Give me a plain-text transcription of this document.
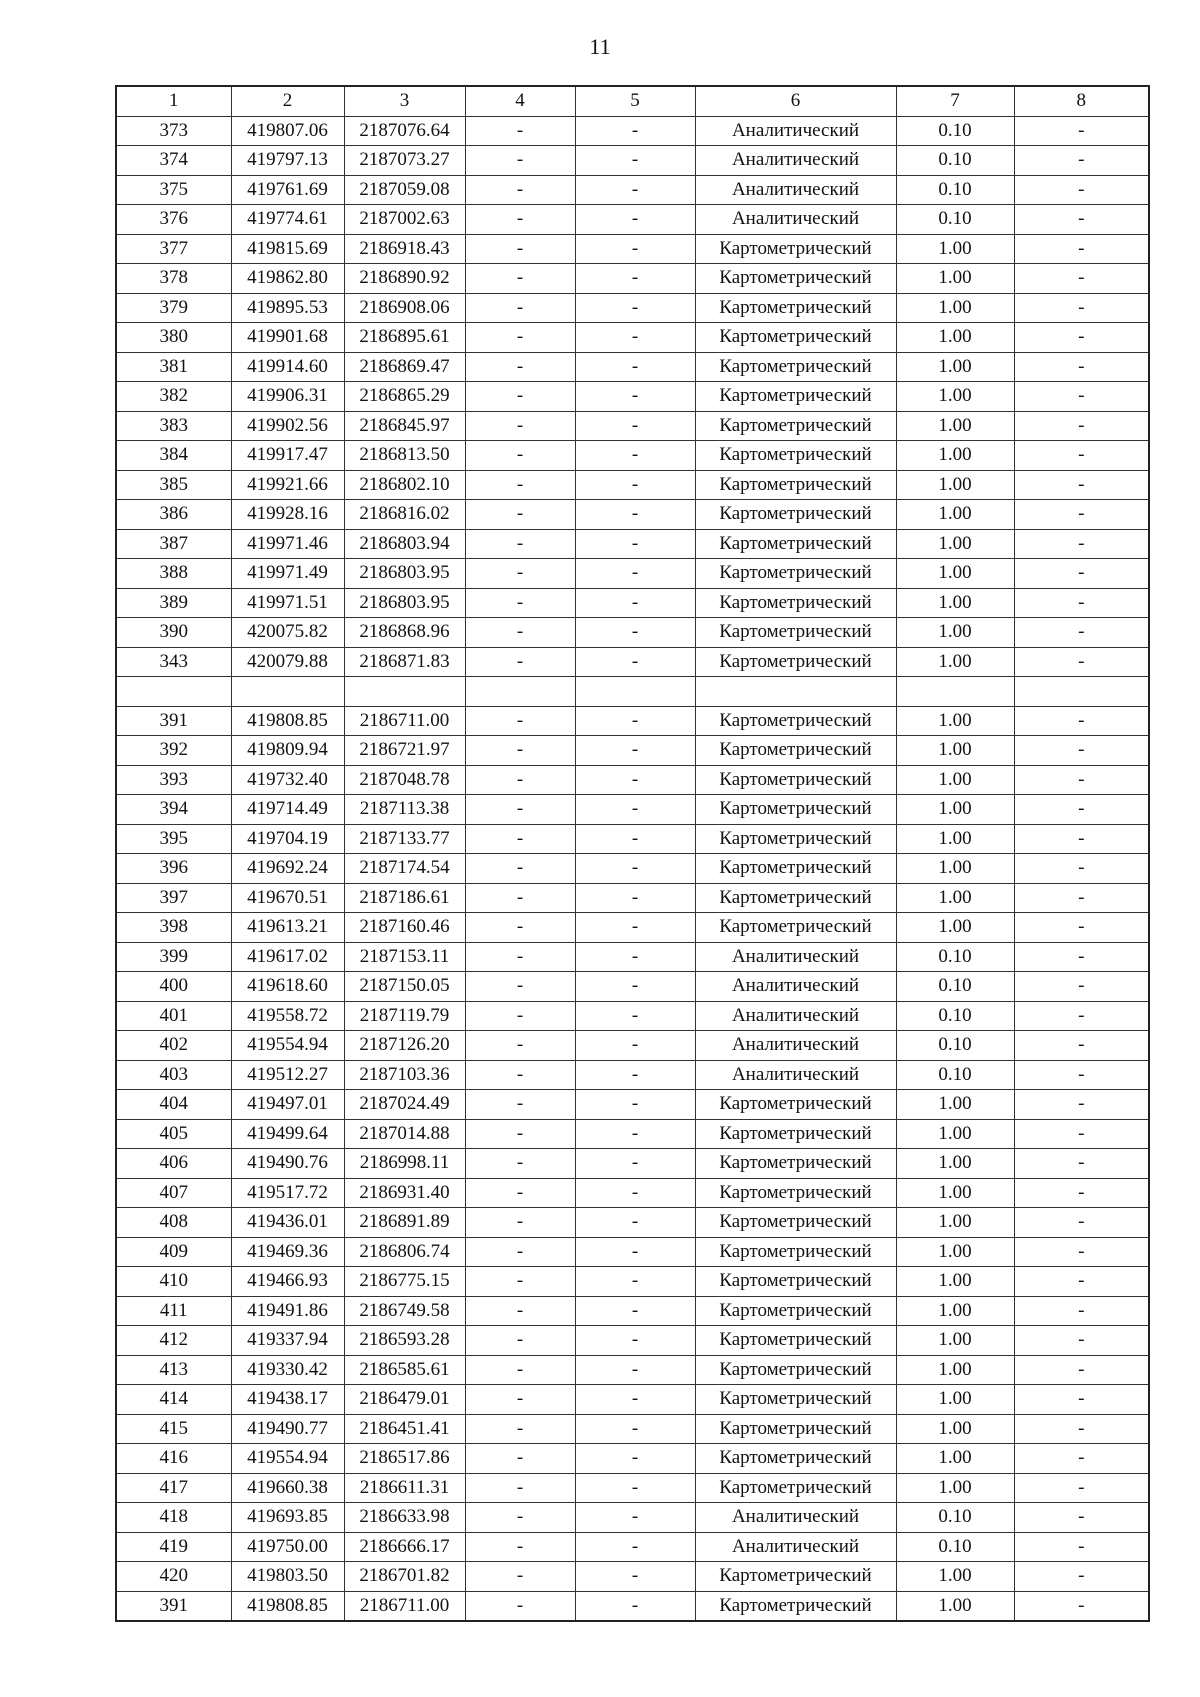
11
1	2	3	4	5	6	7	8
373	419807.06	2187076.64	-	-	Аналитический	0.10	-
374	419797.13	2187073.27	-	-	Аналитический	0.10	-
375	419761.69	2187059.08	-	-	Аналитический	0.10	-
376	419774.61	2187002.63	-	-	Аналитический	0.10	-
377	419815.69	2186918.43	-	-	Картометрический	1.00	-
378	419862.80	2186890.92	-	-	Картометрический	1.00	-
379	419895.53	2186908.06	-	-	Картометрический	1.00	-
380	419901.68	2186895.61	-	-	Картометрический	1.00	-
381	419914.60	2186869.47	-	-	Картометрический	1.00	-
382	419906.31	2186865.29	-	-	Картометрический	1.00	-
383	419902.56	2186845.97	-	-	Картометрический	1.00	-
384	419917.47	2186813.50	-	-	Картометрический	1.00	-
385	419921.66	2186802.10	-	-	Картометрический	1.00	-
386	419928.16	2186816.02	-	-	Картометрический	1.00	-
387	419971.46	2186803.94	-	-	Картометрический	1.00	-
388	419971.49	2186803.95	-	-	Картометрический	1.00	-
389	419971.51	2186803.95	-	-	Картометрический	1.00	-
390	420075.82	2186868.96	-	-	Картометрический	1.00	-
343	420079.88	2186871.83	-	-	Картометрический	1.00	-

391	419808.85	2186711.00	-	-	Картометрический	1.00	-
392	419809.94	2186721.97	-	-	Картометрический	1.00	-
393	419732.40	2187048.78	-	-	Картометрический	1.00	-
394	419714.49	2187113.38	-	-	Картометрический	1.00	-
395	419704.19	2187133.77	-	-	Картометрический	1.00	-
396	419692.24	2187174.54	-	-	Картометрический	1.00	-
397	419670.51	2187186.61	-	-	Картометрический	1.00	-
398	419613.21	2187160.46	-	-	Картометрический	1.00	-
399	419617.02	2187153.11	-	-	Аналитический	0.10	-
400	419618.60	2187150.05	-	-	Аналитический	0.10	-
401	419558.72	2187119.79	-	-	Аналитический	0.10	-
402	419554.94	2187126.20	-	-	Аналитический	0.10	-
403	419512.27	2187103.36	-	-	Аналитический	0.10	-
404	419497.01	2187024.49	-	-	Картометрический	1.00	-
405	419499.64	2187014.88	-	-	Картометрический	1.00	-
406	419490.76	2186998.11	-	-	Картометрический	1.00	-
407	419517.72	2186931.40	-	-	Картометрический	1.00	-
408	419436.01	2186891.89	-	-	Картометрический	1.00	-
409	419469.36	2186806.74	-	-	Картометрический	1.00	-
410	419466.93	2186775.15	-	-	Картометрический	1.00	-
411	419491.86	2186749.58	-	-	Картометрический	1.00	-
412	419337.94	2186593.28	-	-	Картометрический	1.00	-
413	419330.42	2186585.61	-	-	Картометрический	1.00	-
414	419438.17	2186479.01	-	-	Картометрический	1.00	-
415	419490.77	2186451.41	-	-	Картометрический	1.00	-
416	419554.94	2186517.86	-	-	Картометрический	1.00	-
417	419660.38	2186611.31	-	-	Картометрический	1.00	-
418	419693.85	2186633.98	-	-	Аналитический	0.10	-
419	419750.00	2186666.17	-	-	Аналитический	0.10	-
420	419803.50	2186701.82	-	-	Картометрический	1.00	-
391	419808.85	2186711.00	-	-	Картометрический	1.00	-
